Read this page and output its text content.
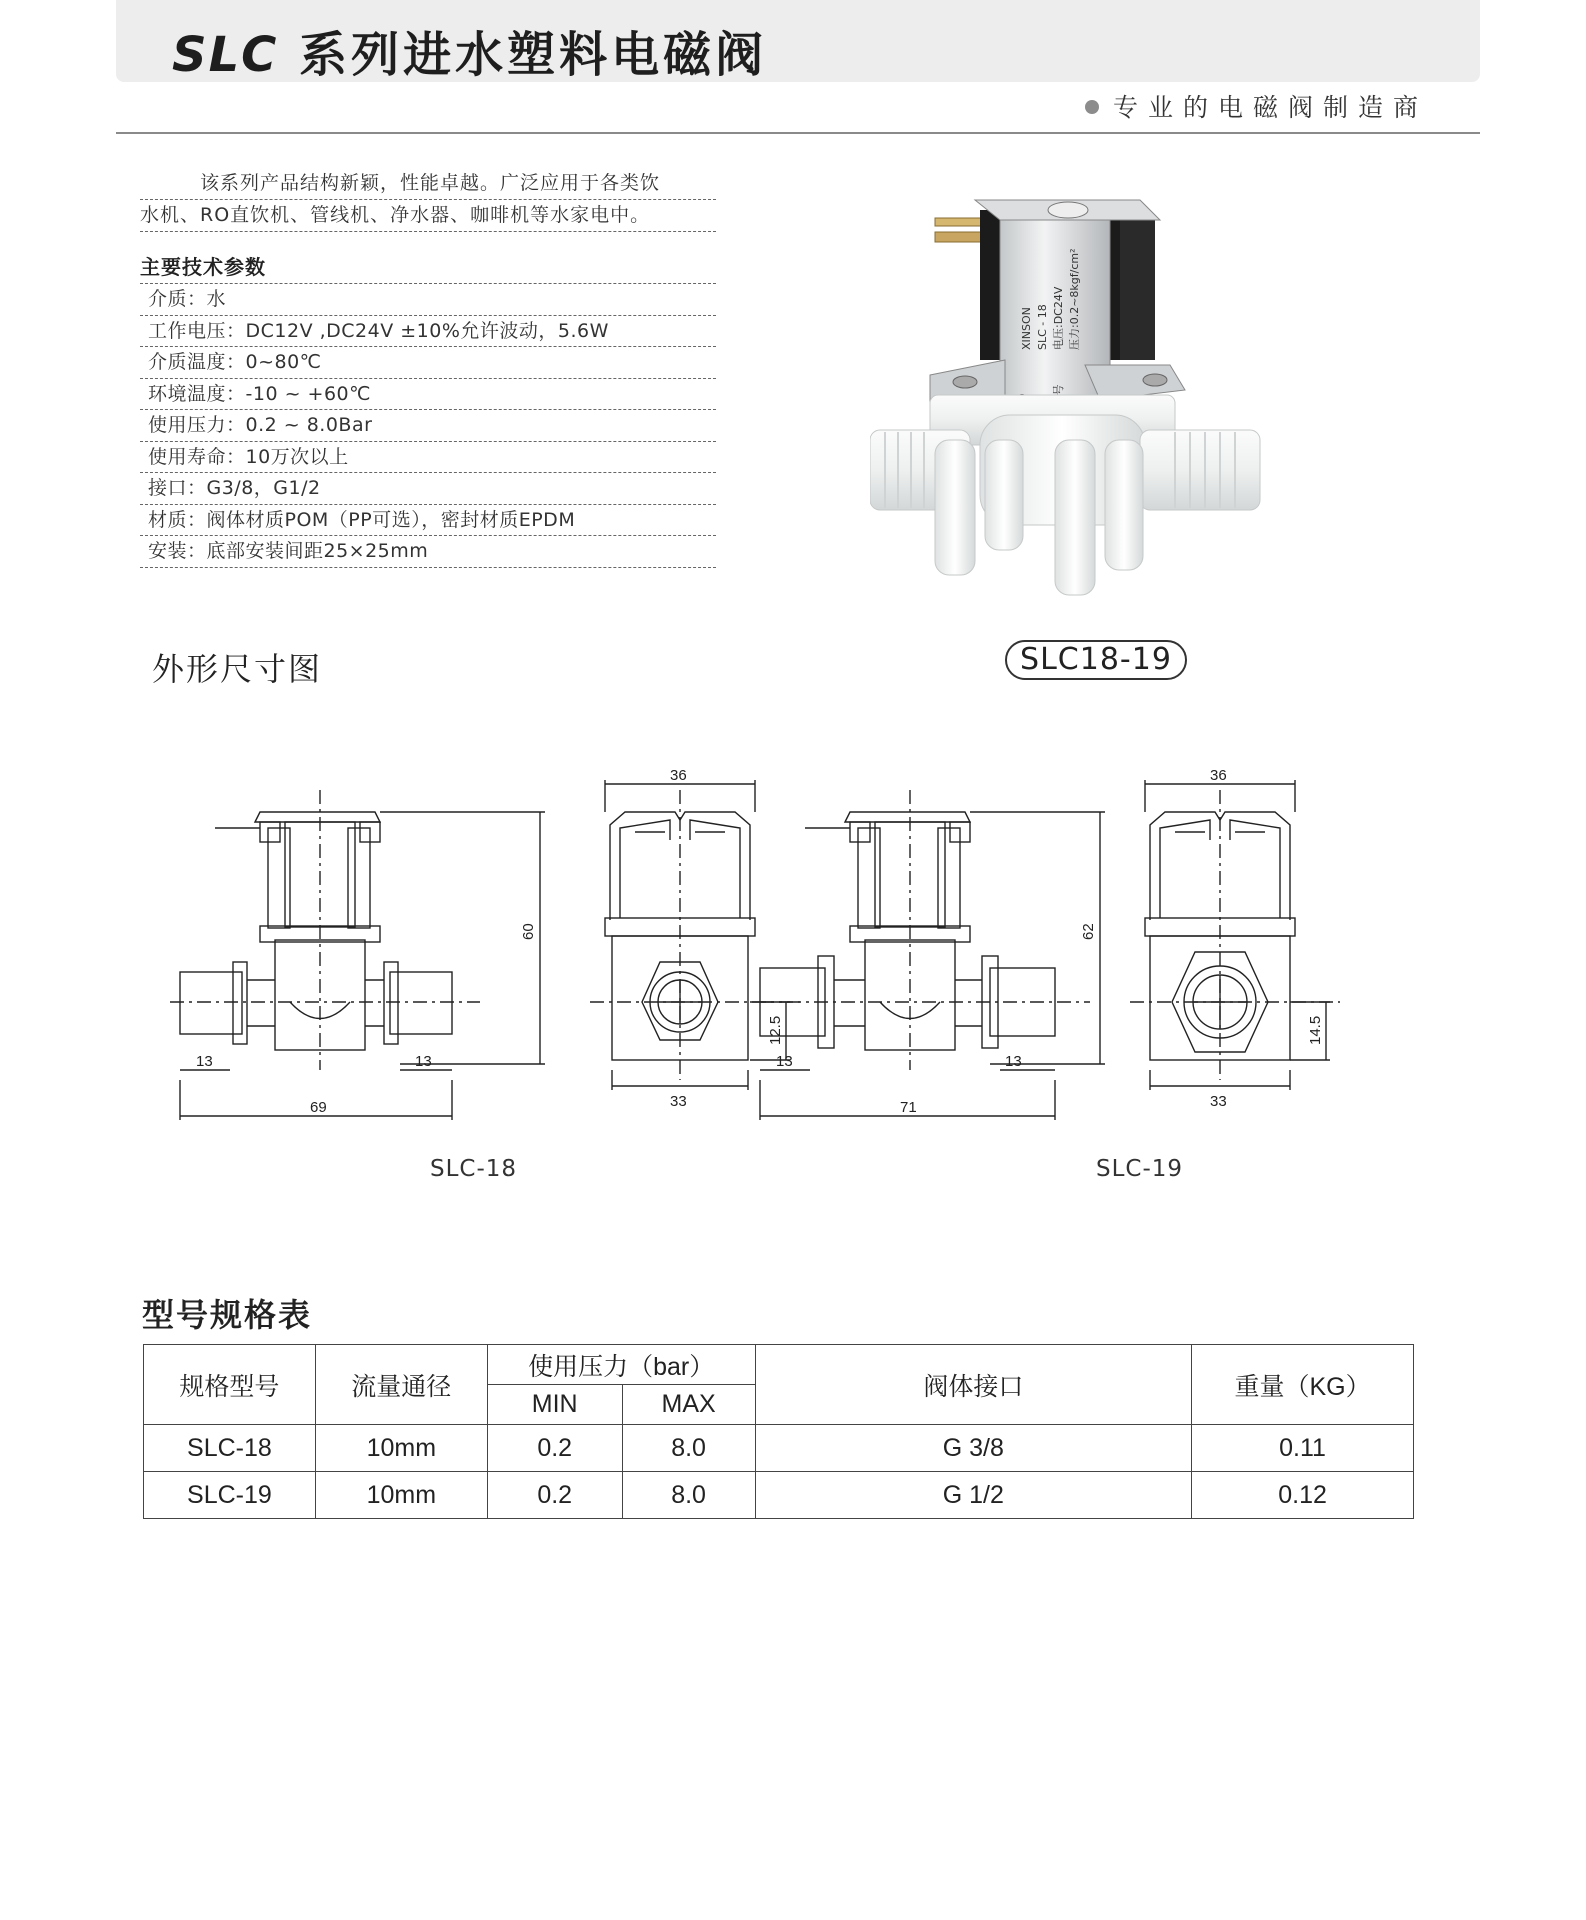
SLC 系列进水塑料电磁阀
专业的电磁阀制造商
该系列产品结构新颖，性能卓越。广泛应用于各类饮
水机、RO直饮机、管线机、净水器、咖啡机等水家电中。
主要技术参数
介质：水
工作电压：DC12V ,DC24V ±10%允许波动，5.6W
介质温度：0~80℃
环境温度：-10 ~ +60℃
使用压力：0.2 ~ 8.0Bar
使用寿命：10万次以上
接口：G3/8，G1/2
材质：阀体材质POM（PP可选），密封材质EPDM
安装：底部安装间距25×25mm
XINSON SLC - 18 电压:DC24V 压力:0.2~8kgf/cm²
SLC18-19
外形尺寸图
13	13
69
60
36
33
12.5
13	13
71
62
36
33
14.5
SLC-18	SLC-19
型号规格表
规格型号	流量通径	使用压力（bar）		阀体接口	重量（KG）
		MIN	MAX		
SLC-18	10mm	0.2	8.0	G 3/8	0.11
SLC-19	10mm	0.2	8.0	G 1/2	0.12
